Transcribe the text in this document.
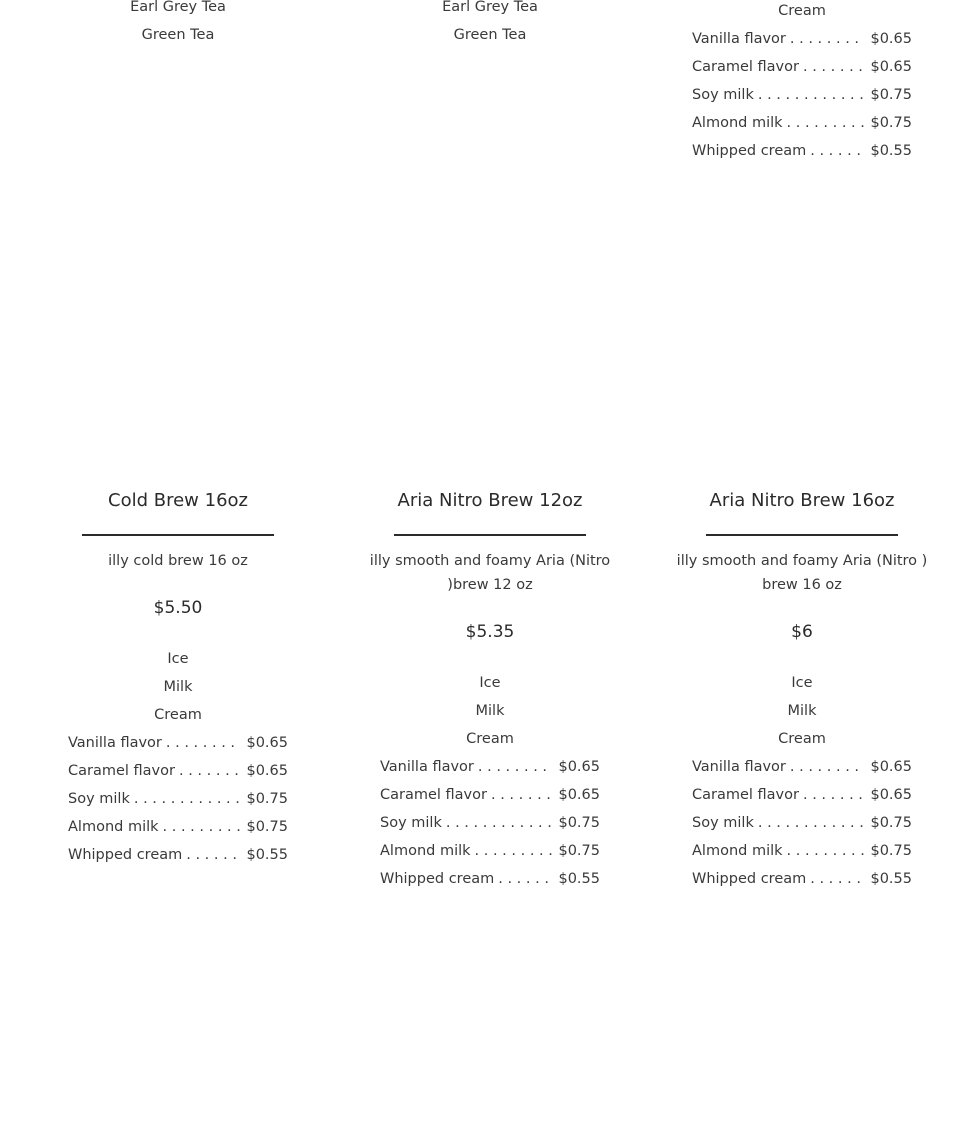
Earl Grey Tea
Green Tea
Earl Grey Tea
Green Tea
Cream
Vanilla flavor . . .	$0.65
Caramel flavor . . .	$0.65
Soy milk . . .	$0.75
Almond milk . . .	$0.75
Whipped cream . . .	$0.55
Cold Brew 16oz
illy cold brew 16 oz
$5.50
Ice
Milk
Cream
Vanilla flavor . . .	$0.65
Caramel flavor . . .	$0.65
Soy milk . . .	$0.75
Almond milk . . .	$0.75
Whipped cream . . .	$0.55
Aria Nitro Brew 12oz
illy smooth and foamy Aria (Nitro
)brew 12 oz
$5.35
Ice
Milk
Cream
Vanilla flavor . . .	$0.65
Caramel flavor . . .	$0.65
Soy milk . . .	$0.75
Almond milk . . .	$0.75
Whipped cream . . .	$0.55
Aria Nitro Brew 16oz
illy smooth and foamy Aria (Nitro )
brew 16 oz
$6
Ice
Milk
Cream
Vanilla flavor . . .	$0.65
Caramel flavor . . .	$0.65
Soy milk . . .	$0.75
Almond milk . . .	$0.75
Whipped cream . . .	$0.55
